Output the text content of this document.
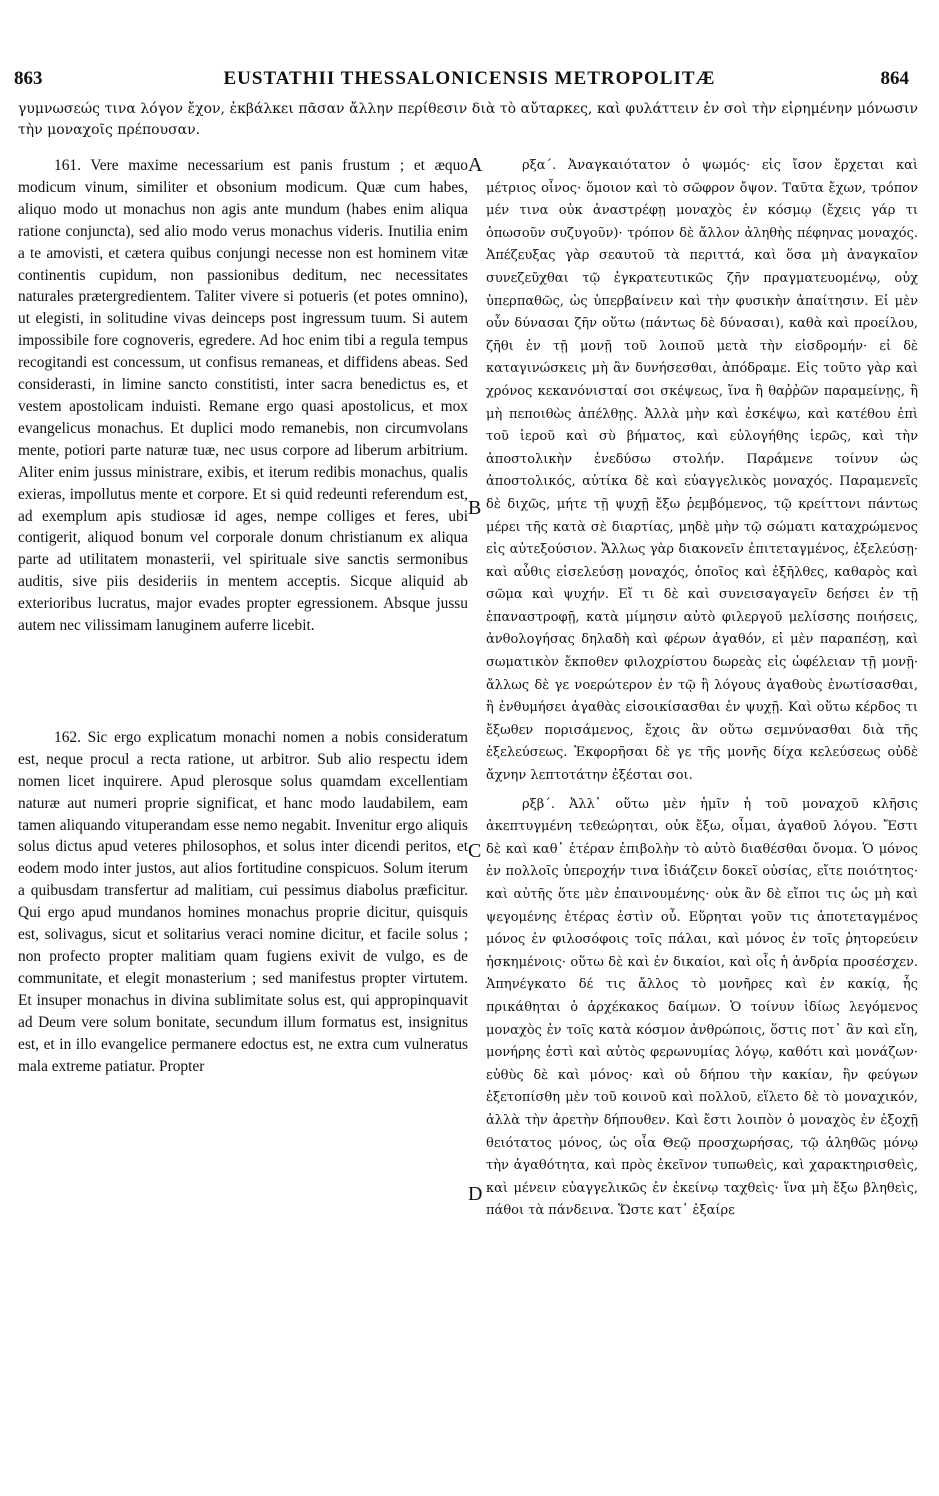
863	EUSTATHII THESSALONICENSIS METROPOLITÆ	864
γυμνωσεώς τινα λόγον ἔχον, ἐκβάλκει πᾶσαν ἄλλην περίθεσιν διὰ τὸ αὔταρκες, καὶ φυλάττειν ἐν σοὶ τὴν εἰρημένην μόνωσιν τὴν μοναχοῖς πρέπουσαν.

161. Vere maxime necessarium est panis frustum ; et æquo modicum vinum, similiter et obsonium modicum. Quæ cum habes, aliquo modo ut monachus non agis ante mundum (habes enim aliqua ratione conjuncta), sed alio modo verus monachus videris. Inutilia enim a te amovisti, et cætera quibus conjungi necesse non est hominem vitæ continentis cupidum, non passionibus deditum, nec necessitates naturales prætergredientem. Taliter vivere si potueris (et potes omnino), ut elegisti, in solitudine vivas deinceps post ingressum tuum. Si autem impossibile fore cognoveris, egredere. Ad hoc enim tibi a regula tempus recogitandi est concessum, ut confisus remaneas, et diffidens abeas. Sed considerasti, in limine sancto constitisti, inter sacra benedictus es, et vestem apostolicam induisti. Remane ergo quasi apostolicus, et mox evangelicus monachus. Et duplici modo remanebis, non circumvolans mente, potiori parte naturæ tuæ, nec usus corpore ad liberum arbitrium. Aliter enim jussus ministrare, exibis, et iterum redibis monachus, qualis exieras, impollutus mente et corpore. Et si quid redeunti referendum est, ad exemplum apis studiosæ id ages, nempe colliges et feres, ubi contigerit, aliquod bonum vel corporale donum christianum ex aliqua parte ad utilitatem monasterii, vel spirituale sive sanctis sermonibus auditis, sive piis desideriis in mentem acceptis. Sicque aliquid ab exterioribus lucratus, major evades propter egressionem. Absque jussu autem nec vilissimam lanuginem auferre licebit.

162. Sic ergo explicatum monachi nomen a nobis consideratum est, neque procul a recta ratione, ut arbitror. Sub alio respectu idem nomen licet inquirere. Apud plerosque solus quamdam excellentiam naturæ aut numeri proprie significat, et hanc modo laudabilem, eam tamen aliquando vituperandam esse nemo negabit. Invenitur ergo aliquis solus dictus apud veteres philosophos, et solus inter dicendi peritos, et eodem modo inter justos, aut alios fortitudine conspicuos. Solum iterum a quibusdam transfertur ad malitiam, cui pessimus diabolus præficitur. Qui ergo apud mundanos homines monachus proprie dicitur, quisquis est, solivagus, sicut et solitarius veraci nomine dicitur, et facile solus ; non profecto propter malitiam quam fugiens exivit de vulgo, es de communitate, et elegit monasterium ; sed manifestus propter virtutem. Et insuper monachus in divina sublimitate solus est, qui appropinquavit ad Deum vere solum bonitate, secundum illum formatus est, insignitus est, et in illo evangelice permanere edoctus est, ne extra cum vulneratus mala extreme patiatur. Propter

ρξα΄. Ἀναγκαιότατον ὁ ψωμός· εἰς ἴσον ἔρχεται καὶ μέτριος οἶνος· ὅμοιον καὶ τὸ σῶφρον ὄψον. Ταῦτα ἔχων, τρόπον μέν τινα οὐκ ἀναστρέφῃ μοναχὸς ἐν κόσμῳ (ἔχεις γάρ τι ὁπωσοῦν συζυγοῦν)· τρόπον δὲ ἄλλον ἀληθὴς πέφηνας μοναχός. Ἀπέζευξας γὰρ σεαυτοῦ τὰ περιττά, καὶ ὅσα μὴ ἀναγκαῖον συνεζεῦχθαι τῷ ἐγκρατευτικῶς ζῆν πραγματευομένῳ, οὐχ ὑπερπαθῶς, ὡς ὑπερβαίνειν καὶ τὴν φυσικὴν ἀπαίτησιν. Εἰ μὲν οὖν δύνασαι ζῆν οὕτω (πάντως δὲ δύνασαι), καθὰ καὶ προείλου, ζῆθι ἐν τῇ μονῇ τοῦ λοιποῦ μετὰ τὴν εἰσδρομήν· εἰ δὲ καταγινώσκεις μὴ ἂν δυνήσεσθαι, ἀπόδραμε. Εἰς τοῦτο γὰρ καὶ χρόνος κεκανόνισταί σοι σκέψεως, ἵνα ἢ θαῤῥῶν παραμείνῃς, ἢ μὴ πεποιθὼς ἀπέλθῃς. Ἀλλὰ μὴν καὶ ἐσκέψω, καὶ κατέθου ἐπὶ τοῦ ἱεροῦ καὶ σὺ βήματος, καὶ εὐλογήθης ἱερῶς, καὶ τὴν ἀποστολικὴν ἐνεδύσω στολήν. Παράμενε τοίνυν ὡς ἀποστολικός, αὐτίκα δὲ καὶ εὐαγγελικὸς μοναχός. Παραμενεῖς δὲ διχῶς, μήτε τῇ ψυχῇ ἔξω ῥεμβόμενος, τῷ κρείττονι πάντως μέρει τῆς κατὰ σὲ διαρτίας, μηδὲ μὴν τῷ σώματι καταχρώμενος εἰς αὐτεξούσιον. Ἄλλως γὰρ διακονεῖν ἐπιτεταγμένος, ἐξελεύσῃ· καὶ αὖθις εἰσελεύσῃ μοναχός, ὁποῖος καὶ ἐξῆλθες, καθαρὸς καὶ σῶμα καὶ ψυχήν. Εἴ τι δὲ καὶ συνεισαγαγεῖν δεήσει ἐν τῇ ἐπαναστροφῇ, κατὰ μίμησιν αὐτὸ φιλεργοῦ μελίσσης ποιήσεις, ἀνθολογήσας δηλαδὴ καὶ φέρων ἀγαθόν, εἰ μὲν παραπέσῃ, καὶ σωματικὸν ἔκποθεν φιλοχρίστου δωρεὰς εἰς ὠφέλειαν τῇ μονῇ· ἄλλως δὲ γε νοερώτερον ἐν τῷ ἢ λόγους ἀγαθοὺς ἐνωτίσασθαι, ἢ ἐνθυμήσει ἀγαθὰς εἰσοικίσασθαι ἐν ψυχῇ. Καὶ οὕτω κέρδος τι ἔξωθεν πορισάμενος, ἔχοις ἂν οὕτω σεμνύνασθαι διὰ τῆς ἐξελεύσεως. Ἐκφορῆσαι δὲ γε τῆς μονῆς δίχα κελεύσεως οὐδὲ ἄχνην λεπτοτάτην ἐξέσται σοι.

ρξβ΄. Ἀλλ᾽ οὕτω μὲν ἡμῖν ἡ τοῦ μοναχοῦ κλῆσις ἀκεπτυγμένη τεθεώρηται, οὐκ ἔξω, οἶμαι, ἀγαθοῦ λόγου. Ἔστι δὲ καὶ καθ᾽ ἑτέραν ἐπιβολὴν τὸ αὐτὸ διαθέσθαι ὄνομα. Ὁ μόνος ἐν πολλοῖς ὑπεροχήν τινα ἰδιάζειν δοκεῖ οὐσίας, εἴτε ποιότητος· καὶ αὐτῆς ὅτε μὲν ἐπαινουμένης· οὐκ ἂν δὲ εἴποι τις ὡς μὴ καὶ ψεγομένης ἑτέρας ἐστὶν οὗ. Εὕρηται γοῦν τις ἀποτεταγμένος μόνος ἐν φιλοσόφοις τοῖς πάλαι, καὶ μόνος ἐν τοῖς ῥητορεύειν ἠσκημένοις· οὕτω δὲ καὶ ἐν δικαίοι, καὶ οἷς ἡ ἀνδρία προσέσχεν. Ἀπηνέγκατο δέ τις ἄλλος τὸ μονῆρες καὶ ἐν κακίᾳ, ἧς πρικάθηται ὁ ἀρχέκακος δαίμων. Ὁ τοίνυν ἰδίως λεγόμενος μοναχὸς ἐν τοῖς κατὰ κόσμον ἀνθρώποις, ὅστις ποτ᾽ ἂν καὶ εἴη, μονήρης ἐστὶ καὶ αὐτὸς φερωνυμίας λόγῳ, καθότι καὶ μονάζων· εὐθὺς δὲ καὶ μόνος· καὶ οὐ δήπου τὴν κακίαν, ἣν φεύγων ἐξετοπίσθη μὲν τοῦ κοινοῦ καὶ πολλοῦ, εἵλετο δὲ τὸ μοναχικόν, ἀλλὰ τὴν ἀρετὴν δήπουθεν. Καὶ ἔστι λοιπὸν ὁ μοναχὸς ἐν ἐξοχῇ θειότατος μόνος, ὡς οἷα Θεῷ προσχωρήσας, τῷ ἀληθῶς μόνῳ τὴν ἀγαθότητα, καὶ πρὸς ἐκεῖνον τυπωθεὶς, καὶ χαρακτηρισθεὶς, καὶ μένειν εὐαγγελικῶς ἐν ἐκείνῳ ταχθεὶς· ἵνα μὴ ἔξω βληθεὶς, πάθοι τὰ πάνδεινα. Ὥστε κατ᾽ ἐξαίρε

A
B
C
D
